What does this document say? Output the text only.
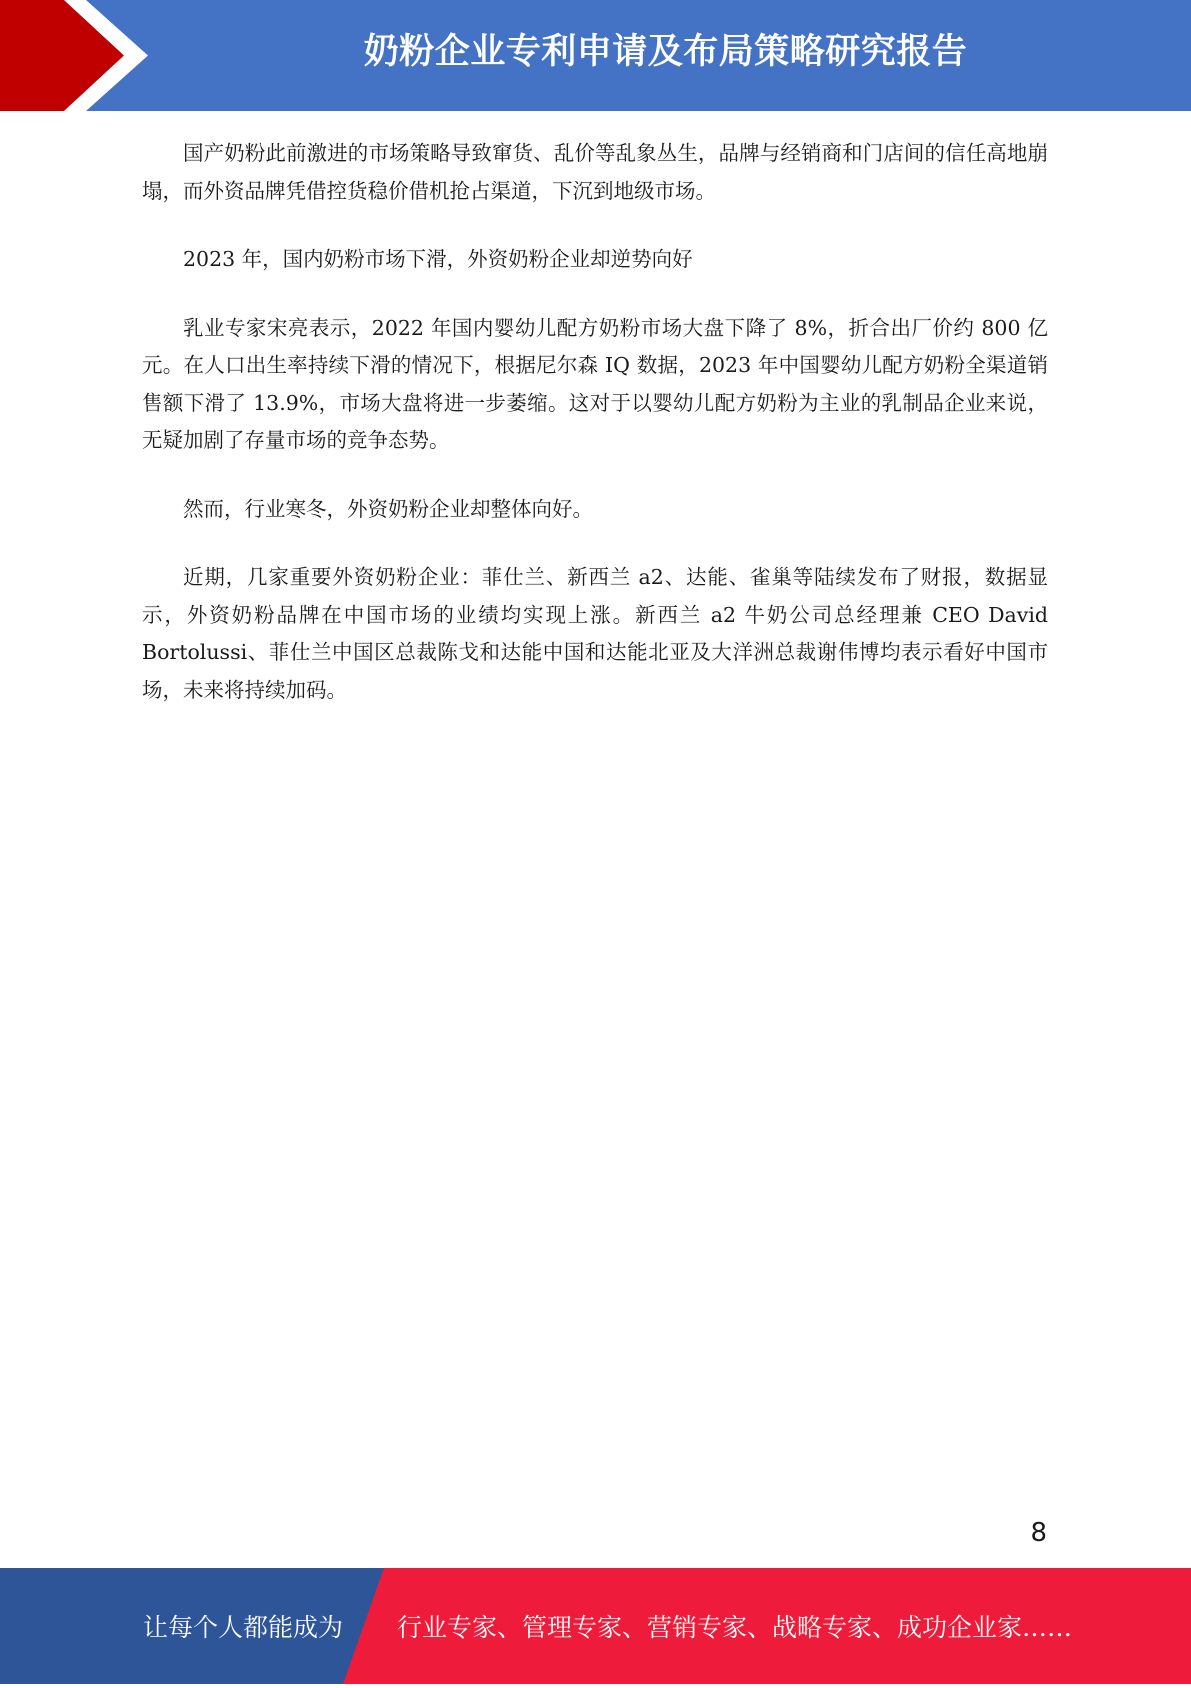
奶粉企业专利申请及布局策略研究报告

国产奶粉此前激进的市场策略导致窜货、乱价等乱象丛生，品牌与经销商和门店间的信任高地崩塌，而外资品牌凭借控货稳价借机抢占渠道，下沉到地级市场。

2023 年，国内奶粉市场下滑，外资奶粉企业却逆势向好

乳业专家宋亮表示，2022 年国内婴幼儿配方奶粉市场大盘下降了 8%，折合出厂价约 800 亿元。在人口出生率持续下滑的情况下，根据尼尔森 IQ 数据，2023 年中国婴幼儿配方奶粉全渠道销售额下滑了 13.9%，市场大盘将进一步萎缩。这对于以婴幼儿配方奶粉为主业的乳制品企业来说，无疑加剧了存量市场的竞争态势。

然而，行业寒冬，外资奶粉企业却整体向好。

近期，几家重要外资奶粉企业：菲仕兰、新西兰 a2、达能、雀巢等陆续发布了财报，数据显示，外资奶粉品牌在中国市场的业绩均实现上涨。新西兰 a2 牛奶公司总经理兼 CEO David Bortolussi、菲仕兰中国区总裁陈戈和达能中国和达能北亚及大洋洲总裁谢伟博均表示看好中国市场，未来将持续加码。

8
让每个人都能成为 行业专家、管理专家、营销专家、战略专家、成功企业家……
